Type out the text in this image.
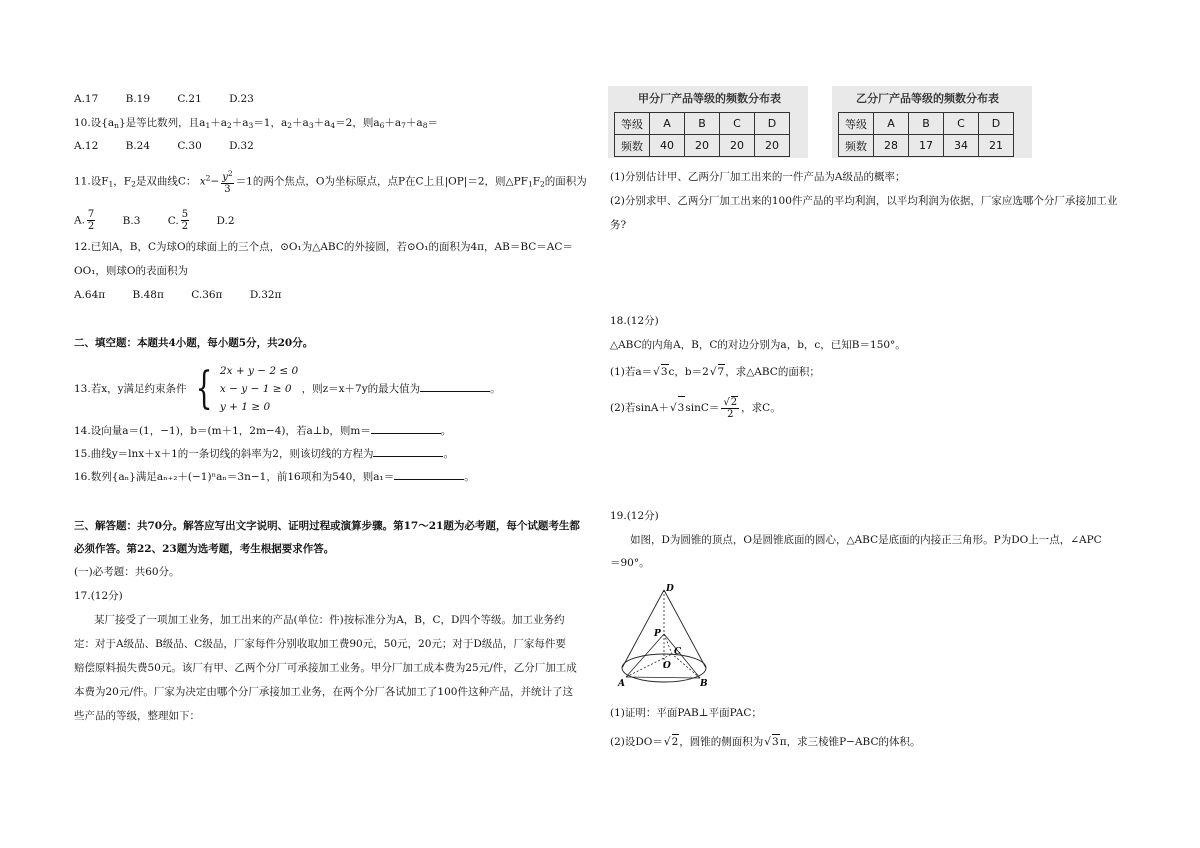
A.17	B.19	C.21	D.23
10.设$\{a_n\}$是等比数列，且$a_1+a_2+a_3=1$，$a_2+a_3+a_4=2$，则$a_6+a_7+a_8=$
A.12	B.24	C.30	D.32
11.设$F_1$，$F_2$是双曲线C： $x^2- \frac{y^2}{3} =1$的两个焦点，O为坐标原点，点P在C上且|OP|＝2，则$\triangle PF_1F_2$的面积为
A. $\frac{7}{2}$	B.3	C. $\frac{5}{2}$	D.2
12.已知A，B，C为球O的球面上的三个点，⊙O₁为△ABC的外接圆，若⊙O₁的面积为4π，AB＝BC＝AC＝
OO₁，则球O的表面积为
A.64π	B.48π	C.36π	D.32π
二、填空题：本题共4小题，每小题5分，共20分。
13.若x，y满足约束条件 { 2x + y − 2 ≤ 0
x − y − 1 ≥ 0
y + 1 ≥ 0
，则z＝x＋7y的最大值为	。
14.设向量a＝(1，−1)，b＝(m＋1，2m−4)，若a⊥b，则m＝	。
15.曲线y＝lnx＋x＋1的一条切线的斜率为2，则该切线的方程为	。
16.数列{aₙ}满足aₙ₊₂＋(−1)ⁿaₙ＝3n−1，前16项和为540，则a₁＝	。
三、解答题：共70分。解答应写出文字说明、证明过程或演算步骤。第17～21题为必考题，每个试题考生都
必须作答。第22、23题为选考题，考生根据要求作答。
(一)必考题：共60分。
17.(12分)
某厂接受了一项加工业务，加工出来的产品(单位：件)按标准分为A，B，C，D四个等级。加工业务约
定：对于A级品、B级品、C级品，厂家每件分别收取加工费90元，50元，20元；对于D级品，厂家每件要
赔偿原料损失费50元。该厂有甲、乙两个分厂可承接加工业务。甲分厂加工成本费为25元/件，乙分厂加工成
本费为20元/件。厂家为决定由哪个分厂承接加工业务，在两个分厂各试加工了100件这种产品，并统计了这
些产品的等级，整理如下：
甲分厂产品等级的频数分布表
等级	A	B	C	D
频数	40	20	20	20
乙分厂产品等级的频数分布表
等级	A	B	C	D
频数	28	17	34	21
(1)分别估计甲、乙两分厂加工出来的一件产品为A级品的概率；
(2)分别求甲、乙两分厂加工出来的100件产品的平均利润，以平均利润为依据，厂家应选哪个分厂承接加工业
务?
18.(12分)
△ABC的内角A，B，C的对边分别为a，b，c，已知B＝150°。
(1)若a＝ √ 3c，b＝2 √ 7，求△ABC的面积；
(2)若sinA＋ √ 3sinC＝ √ $\frac{2}{2}$ ，求C。
19.(12分)
如图，D为圆锥的顶点，O是圆锥底面的圆心，△ABC是底面的内接正三角形。P为DO上一点，∠APC
＝90°。
D
P
C
O
A	B
(1)证明：平面PAB⊥平面PAC；
(2)设DO＝ √ 2，圆锥的侧面积为 √ 3π，求三棱锥P−ABC的体积。
